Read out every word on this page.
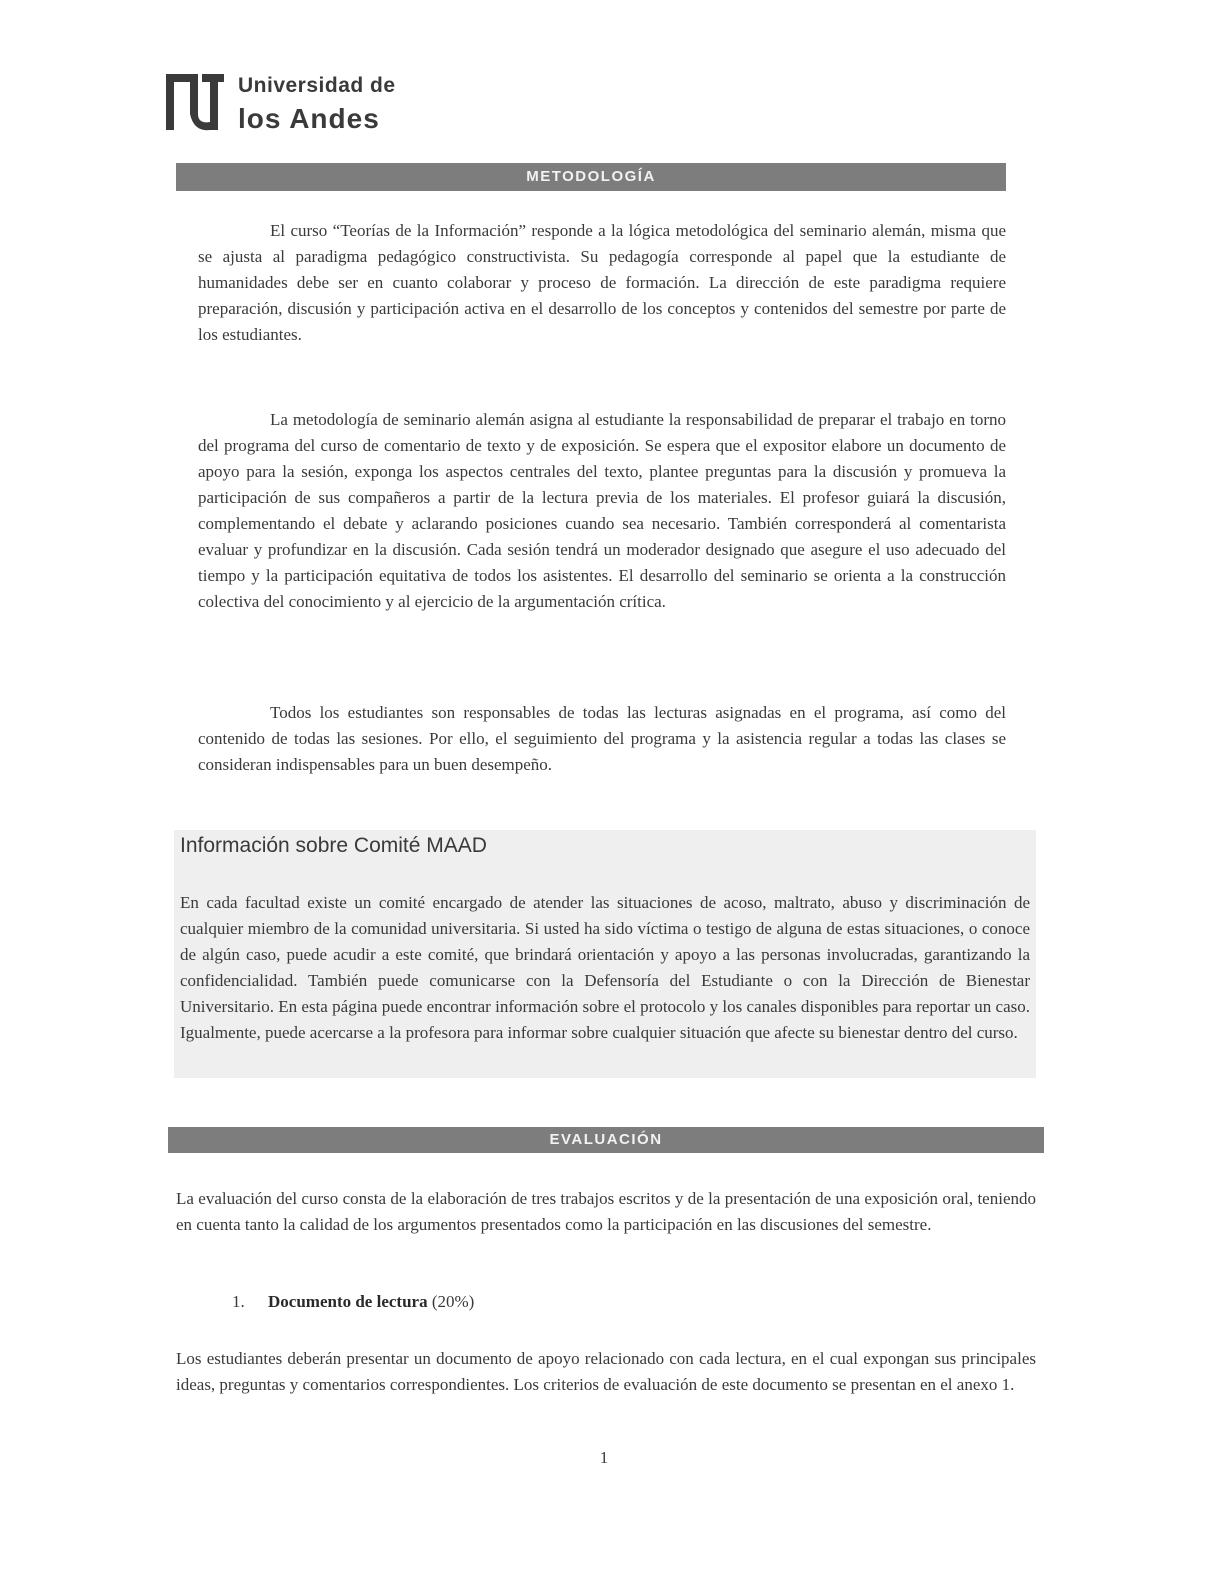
Universidad de
los Andes
METODOLOGÍA

El curso “Teorías de la Información” responde a la lógica metodológica del seminario alemán, misma que se ajusta al paradigma pedagógico constructivista. Su pedagogía corresponde al papel que la estudiante de humanidades debe ser en cuanto colaborar y proceso de formación. La dirección de este paradigma requiere preparación, discusión y participación activa en el desarrollo de los conceptos y contenidos del semestre por parte de los estudiantes.

La metodología de seminario alemán asigna al estudiante la responsabilidad de preparar el trabajo en torno del programa del curso de comentario de texto y de exposición. Se espera que el expositor elabore un documento de apoyo para la sesión, exponga los aspectos centrales del texto, plantee preguntas para la discusión y promueva la participación de sus compañeros a partir de la lectura previa de los materiales. El profesor guiará la discusión, complementando el debate y aclarando posiciones cuando sea necesario. También corresponderá al comentarista evaluar y profundizar en la discusión. Cada sesión tendrá un moderador designado que asegure el uso adecuado del tiempo y la participación equitativa de todos los asistentes. El desarrollo del seminario se orienta a la construcción colectiva del conocimiento y al ejercicio de la argumentación crítica.

Todos los estudiantes son responsables de todas las lecturas asignadas en el programa, así como del contenido de todas las sesiones. Por ello, el seguimiento del programa y la asistencia regular a todas las clases se consideran indispensables para un buen desempeño.

Información sobre Comité MAAD

En cada facultad existe un comité encargado de atender las situaciones de acoso, maltrato, abuso y discriminación de cualquier miembro de la comunidad universitaria. Si usted ha sido víctima o testigo de alguna de estas situaciones, o conoce de algún caso, puede acudir a este comité, que brindará orientación y apoyo a las personas involucradas, garantizando la confidencialidad. También puede comunicarse con la Defensoría del Estudiante o con la Dirección de Bienestar Universitario. En esta página puede encontrar información sobre el protocolo y los canales disponibles para reportar un caso. Igualmente, puede acercarse a la profesora para informar sobre cualquier situación que afecte su bienestar dentro del curso.

EVALUACIÓN

La evaluación del curso consta de la elaboración de tres trabajos escritos y de la presentación de una exposición oral, teniendo en cuenta tanto la calidad de los argumentos presentados como la participación en las discusiones del semestre.

1. Documento de lectura (20%)

Los estudiantes deberán presentar un documento de apoyo relacionado con cada lectura, en el cual expongan sus principales ideas, preguntas y comentarios correspondientes. Los criterios de evaluación de este documento se presentan en el anexo 1.

1
